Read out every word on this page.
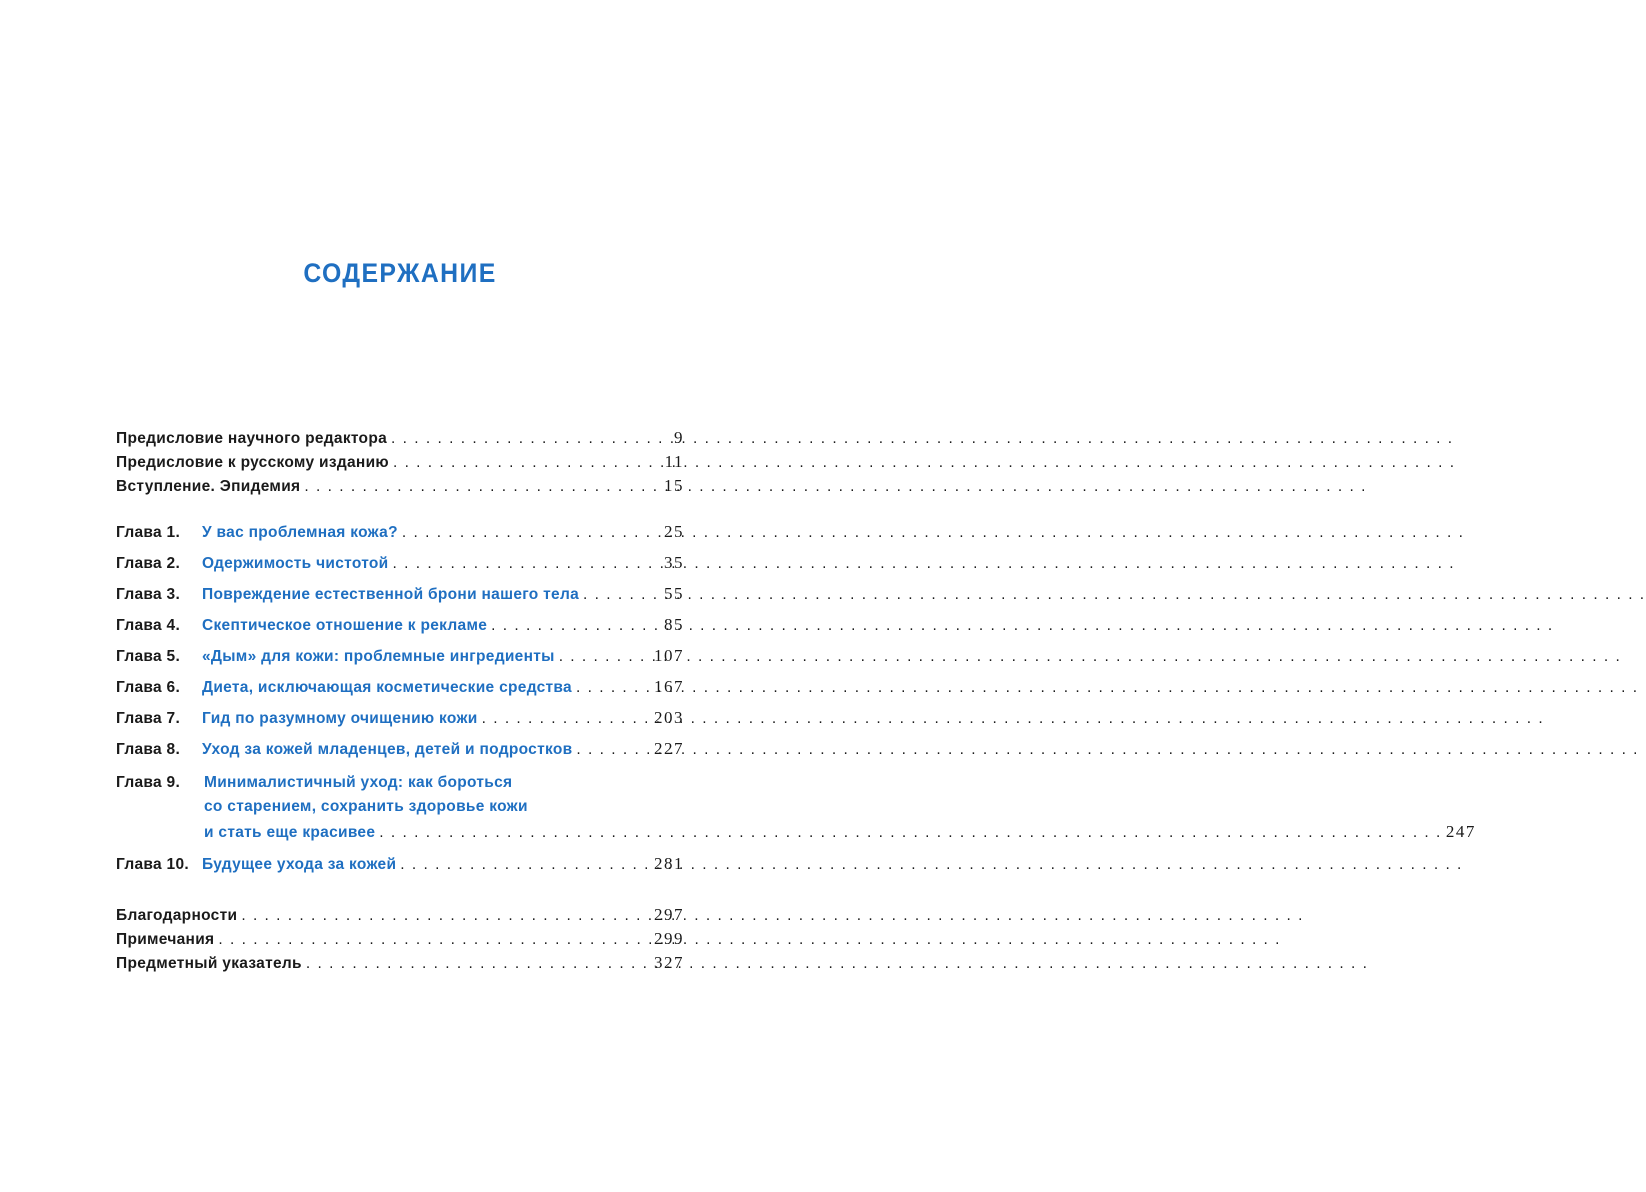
СОДЕРЖАНИЕ
Предисловие научного редактора . . .	9
Предисловие к русскому изданию . . .	11
Вступление. Эпидемия . . .	15
Глава 1.	У вас проблемная кожа? . . .	25
Глава 2.	Одержимость чистотой . . .	35
Глава 3.	Повреждение естественной брони нашего тела . . .	55
Глава 4.	Скептическое отношение к рекламе . . .	85
Глава 5.	«Дым» для кожи: проблемные ингредиенты . . .	107
Глава 6.	Диета, исключающая косметические средства . . .	167
Глава 7.	Гид по разумному очищению кожи . . .	203
Глава 8.	Уход за кожей младенцев, детей и подростков . . .	227
Глава 9.	Минималистичный уход: как бороться
со старением, сохранить здоровье кожи
и стать еще красивее . . .	247
Глава 10. Будущее ухода за кожей . . .	281
Благодарности . . .	297
Примечания . . .	299
Предметный указатель . . .	327
